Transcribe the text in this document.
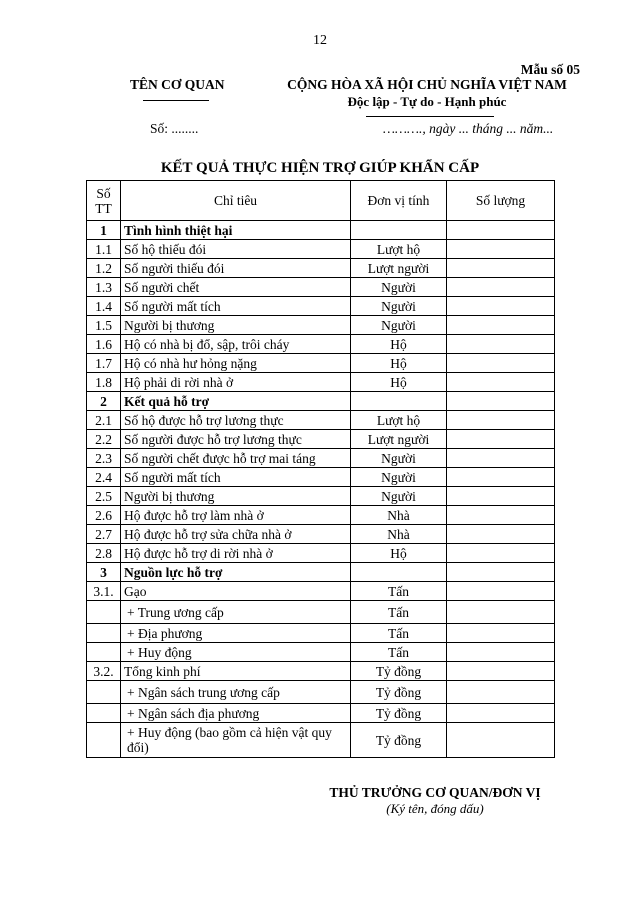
12
Mẫu số 05
TÊN CƠ QUAN	CỘNG HÒA XÃ HỘI CHỦ NGHĨA VIỆT NAM
Độc lập - Tự do - Hạnh phúc
Số: ........	………., ngày ... tháng ... năm...
KẾT QUẢ THỰC HIỆN TRỢ GIÚP KHẨN CẤP
Số TT	Chỉ tiêu	Đơn vị tính	Số lượng
1	Tình hình thiệt hại		
1.1	Số hộ thiếu đói	Lượt hộ	
1.2	Số người thiếu đói	Lượt người	
1.3	Số người chết	Người	
1.4	Số người mất tích	Người	
1.5	Người bị thương	Người	
1.6	Hộ có nhà bị đổ, sập, trôi cháy	Hộ	
1.7	Hộ có nhà hư hỏng nặng	Hộ	
1.8	Hộ phải di rời nhà ở	Hộ	
2	Kết quả hỗ trợ		
2.1	Số hộ được hỗ trợ lương thực	Lượt hộ	
2.2	Số người được hỗ trợ lương thực	Lượt người	
2.3	Số người chết được hỗ trợ mai táng	Người	
2.4	Số người mất tích	Người	
2.5	Người bị thương	Người	
2.6	Hộ được hỗ trợ làm nhà ở	Nhà	
2.7	Hộ được hỗ trợ sửa chữa nhà ở	Nhà	
2.8	Hộ được hỗ trợ di rời nhà ở	Hộ	
3	Nguồn lực hỗ trợ		
3.1.	Gạo	Tấn	
	+ Trung ương cấp	Tấn	
	+ Địa phương	Tấn	
	+ Huy động	Tấn	
3.2.	Tổng kinh phí	Tỷ đồng	
	+ Ngân sách trung ương cấp	Tỷ đồng	
	+ Ngân sách địa phương	Tỷ đồng	
	+ Huy động (bao gồm cả hiện vật quy đổi)	Tỷ đồng	
THỦ TRƯỞNG CƠ QUAN/ĐƠN VỊ
(Ký tên, đóng dấu)
